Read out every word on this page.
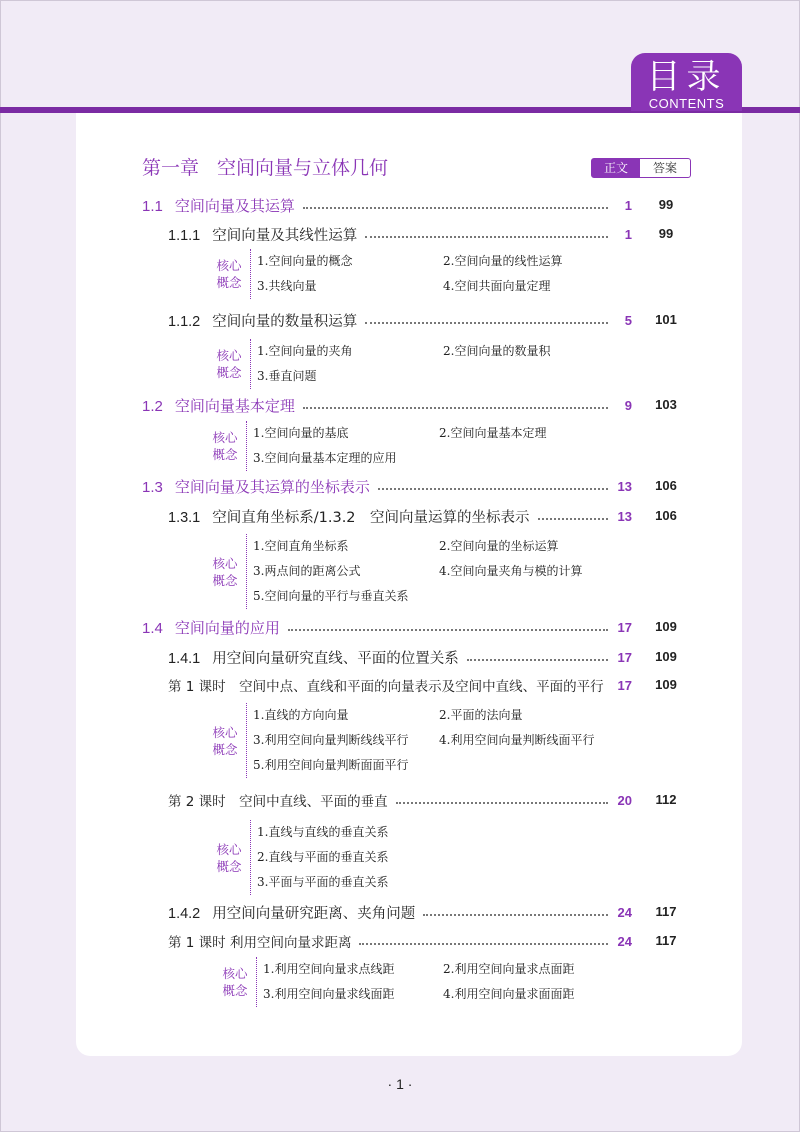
目录
CONTENTS
第一章 空间向量与立体几何	正文	答案
1.1 空间向量及其运算	1	99
1.1.1 空间向量及其线性运算	1	99
核心
概念
1.空间向量的概念	2.空间向量的线性运算
3.共线向量	4.空间共面向量定理
1.1.2 空间向量的数量积运算	5	101
核心
概念
1.空间向量的夹角	2.空间向量的数量积
3.垂直问题
1.2 空间向量基本定理	9	103
核心
概念
1.空间向量的基底	2.空间向量基本定理
3.空间向量基本定理的应用
1.3 空间向量及其运算的坐标表示	13	106
1.3.1 空间直角坐标系/1.3.2　空间向量运算的坐标表示	13	106
核心
概念
1.空间直角坐标系	2.空间向量的坐标运算
3.两点间的距离公式	4.空间向量夹角与模的计算
5.空间向量的平行与垂直关系
1.4 空间向量的应用	17	109
1.4.1 用空间向量研究直线、平面的位置关系	17	109
第 1 课时　空间中点、直线和平面的向量表示及空间中直线、平面的平行	17	109
核心
概念
1.直线的方向向量	2.平面的法向量
3.利用空间向量判断线线平行	4.利用空间向量判断线面平行
5.利用空间向量判断面面平行
第 2 课时　空间中直线、平面的垂直	20	112
核心
概念
1.直线与直线的垂直关系
2.直线与平面的垂直关系
3.平面与平面的垂直关系
1.4.2 用空间向量研究距离、夹角问题	24	117
第 1 课时 利用空间向量求距离	24	117
核心
概念
1.利用空间向量求点线距	2.利用空间向量求点面距
3.利用空间向量求线面距	4.利用空间向量求面面距
· 1 ·
